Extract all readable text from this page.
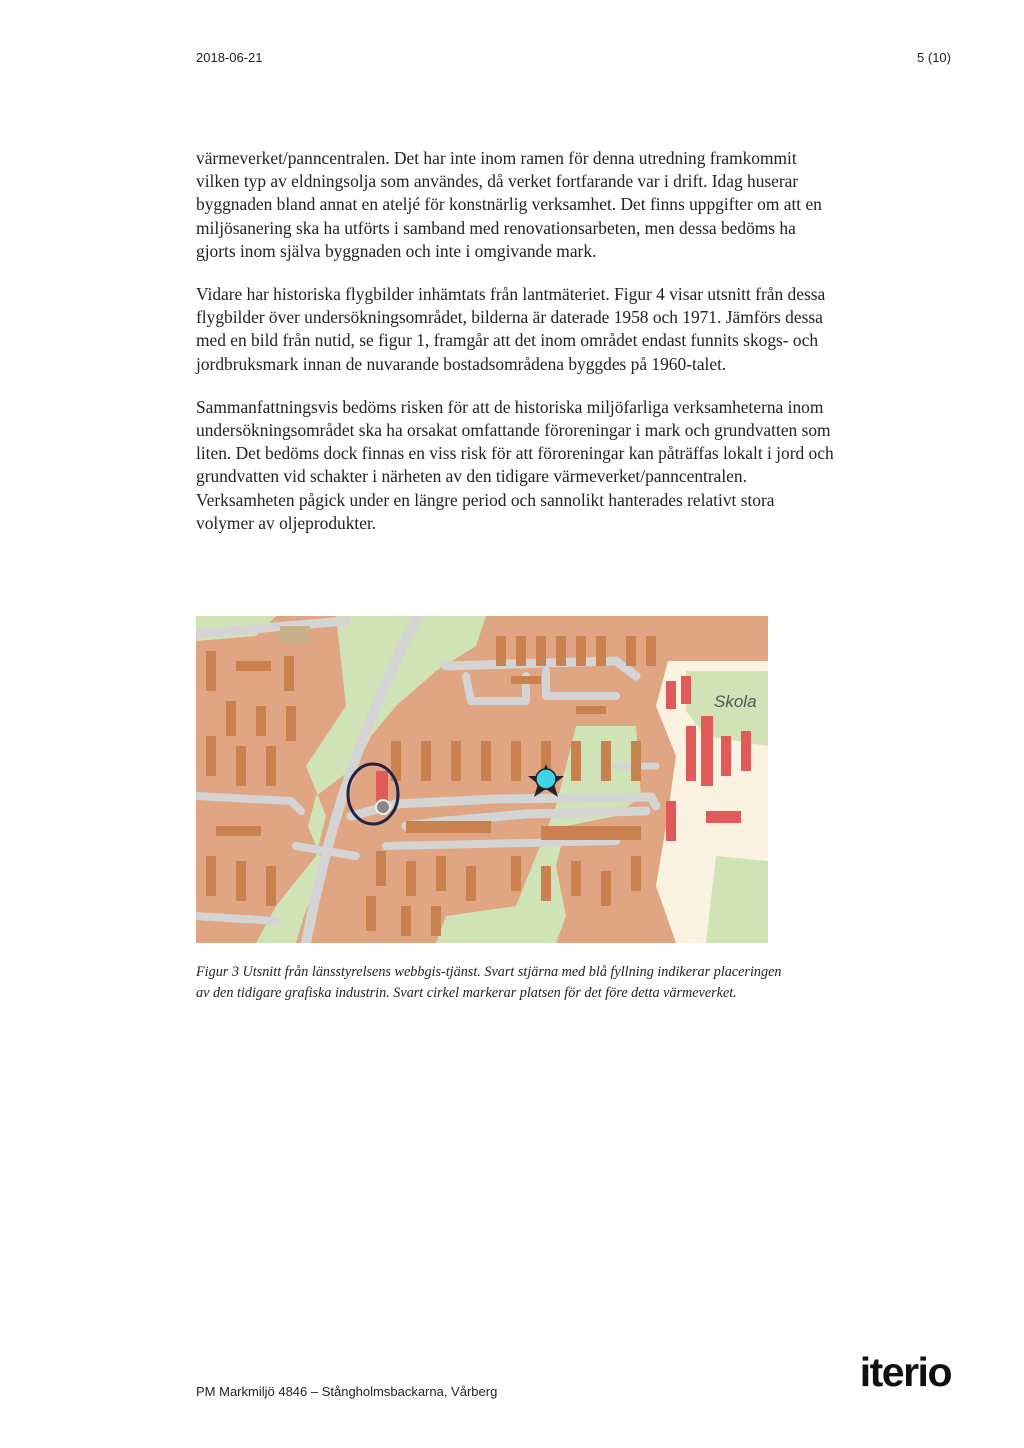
2018-06-21	5 (10)

värmeverket/panncentralen. Det har inte inom ramen för denna utredning framkommit vilken typ av eldningsolja som användes, då verket fortfarande var i drift. Idag huserar byggnaden bland annat en ateljé för konstnärlig verksamhet. Det finns uppgifter om att en miljösanering ska ha utförts i samband med renovationsarbeten, men dessa bedöms ha gjorts inom själva byggnaden och inte i omgivande mark.

Vidare har historiska flygbilder inhämtats från lantmäteriet. Figur 4 visar utsnitt från dessa flygbilder över undersökningsområdet, bilderna är daterade 1958 och 1971. Jämförs dessa med en bild från nutid, se figur 1, framgår att det inom området endast funnits skogs- och jordbruksmark innan de nuvarande bostadsområdena byggdes på 1960-talet.

Sammanfattningsvis bedöms risken för att de historiska miljöfarliga verksamheterna inom undersökningsområdet ska ha orsakat omfattande föroreningar i mark och grundvatten som liten. Det bedöms dock finnas en viss risk för att föroreningar kan påträffas lokalt i jord och grundvatten vid schakter i närheten av den tidigare värmeverket/panncentralen. Verksamheten pågick under en längre period och sannolikt hanterades relativt stora volymer av oljeprodukter.

Skola
Figur 3 Utsnitt från länsstyrelsens webbgis-tjänst. Svart stjärna med blå fyllning indikerar placeringen av den tidigare grafiska industrin. Svart cirkel markerar platsen för det före detta värmeverket.
PM Markmiljö 4846 – Stångholmsbackarna, Vårberg	iterio
